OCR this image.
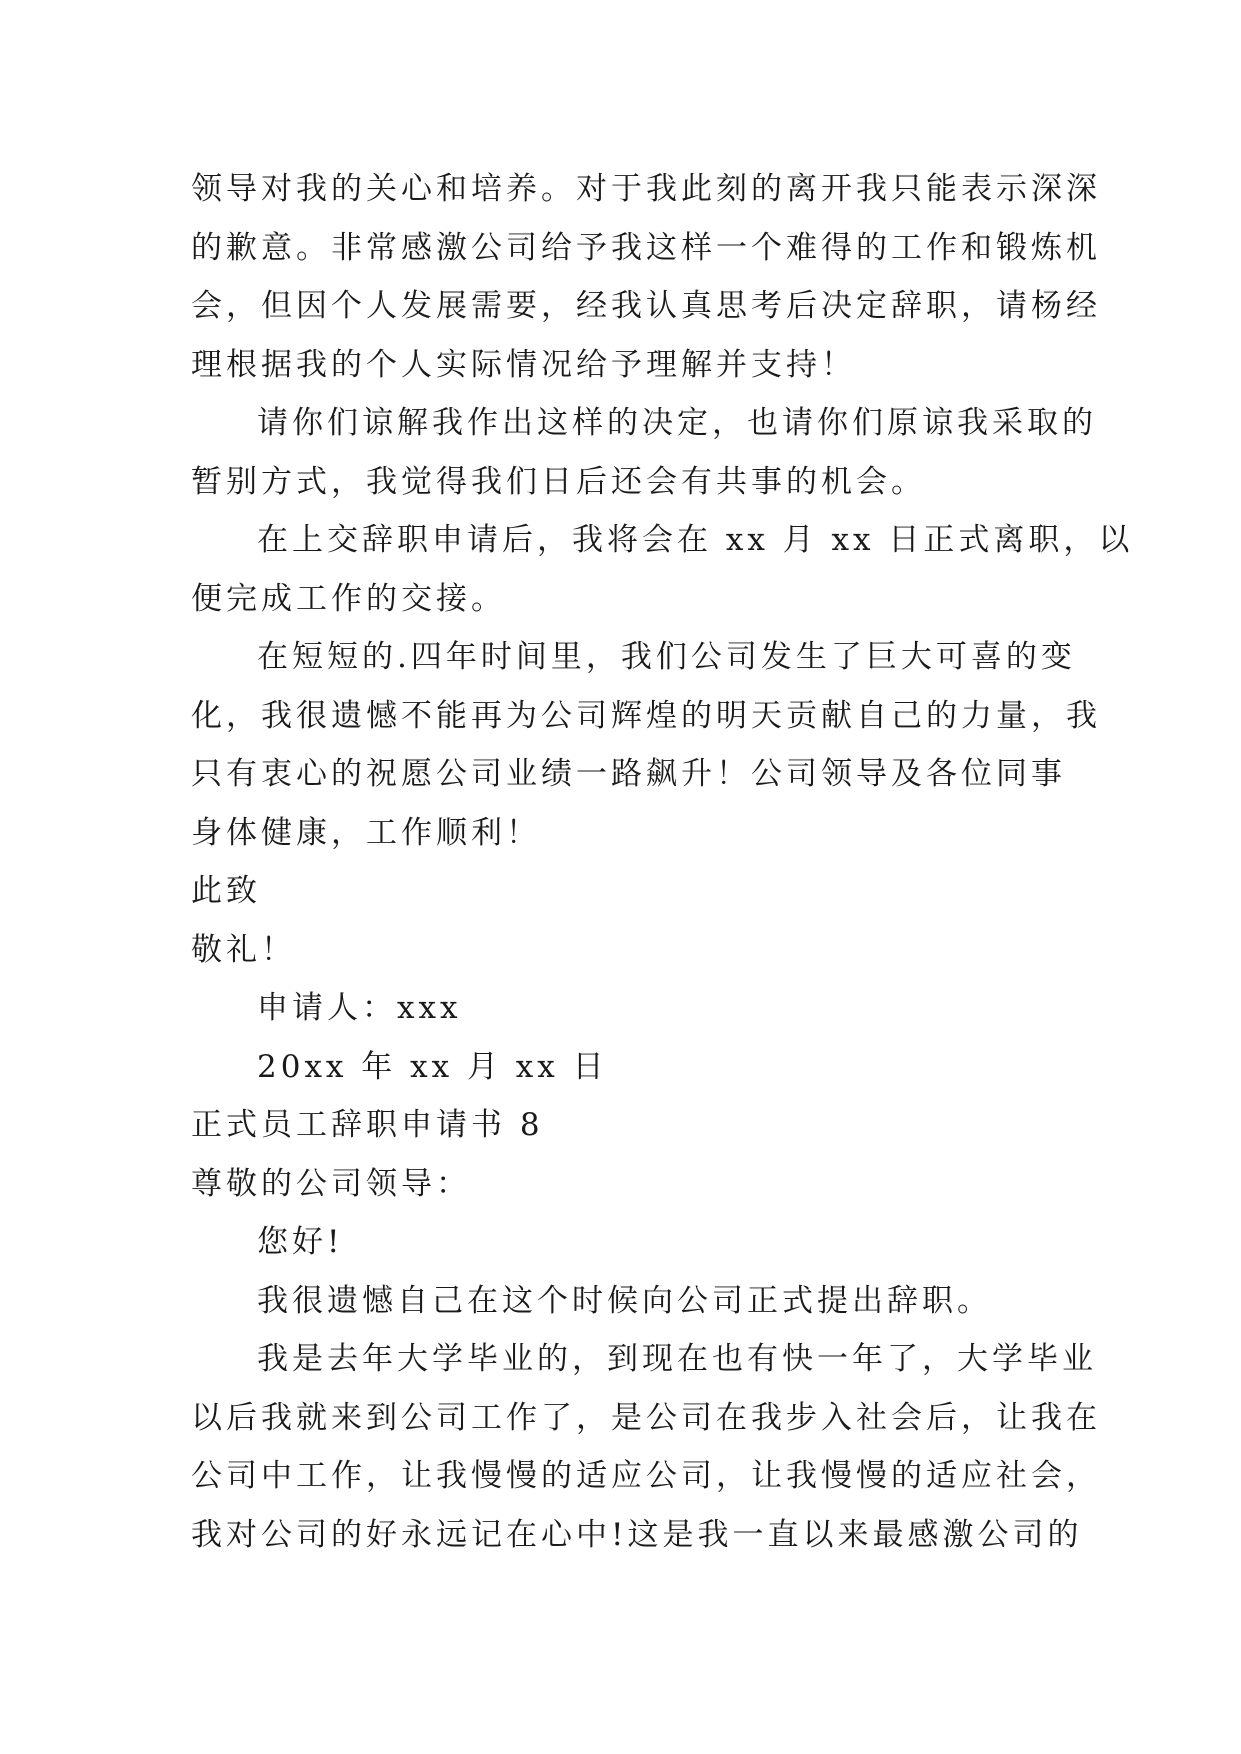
领导对我的关心和培养。对于我此刻的离开我只能表示深深
的歉意。非常感激公司给予我这样一个难得的工作和锻炼机
会，但因个人发展需要，经我认真思考后决定辞职，请杨经
理根据我的个人实际情况给予理解并支持！
请你们谅解我作出这样的决定，也请你们原谅我采取的
暂别方式，我觉得我们日后还会有共事的机会。
在上交辞职申请后，我将会在 xx 月 xx 日正式离职，以
便完成工作的交接。
在短短的.四年时间里，我们公司发生了巨大可喜的变
化，我很遗憾不能再为公司辉煌的明天贡献自己的力量，我
只有衷心的祝愿公司业绩一路飙升！公司领导及各位同事
身体健康，工作顺利！
此致
敬礼！
申请人：xxx
20xx 年 xx 月 xx 日
正式员工辞职申请书 8
尊敬的公司领导：
您好!
我很遗憾自己在这个时候向公司正式提出辞职。
我是去年大学毕业的，到现在也有快一年了，大学毕业
以后我就来到公司工作了，是公司在我步入社会后，让我在
公司中工作，让我慢慢的适应公司，让我慢慢的适应社会，
我对公司的好永远记在心中!这是我一直以来最感激公司的
